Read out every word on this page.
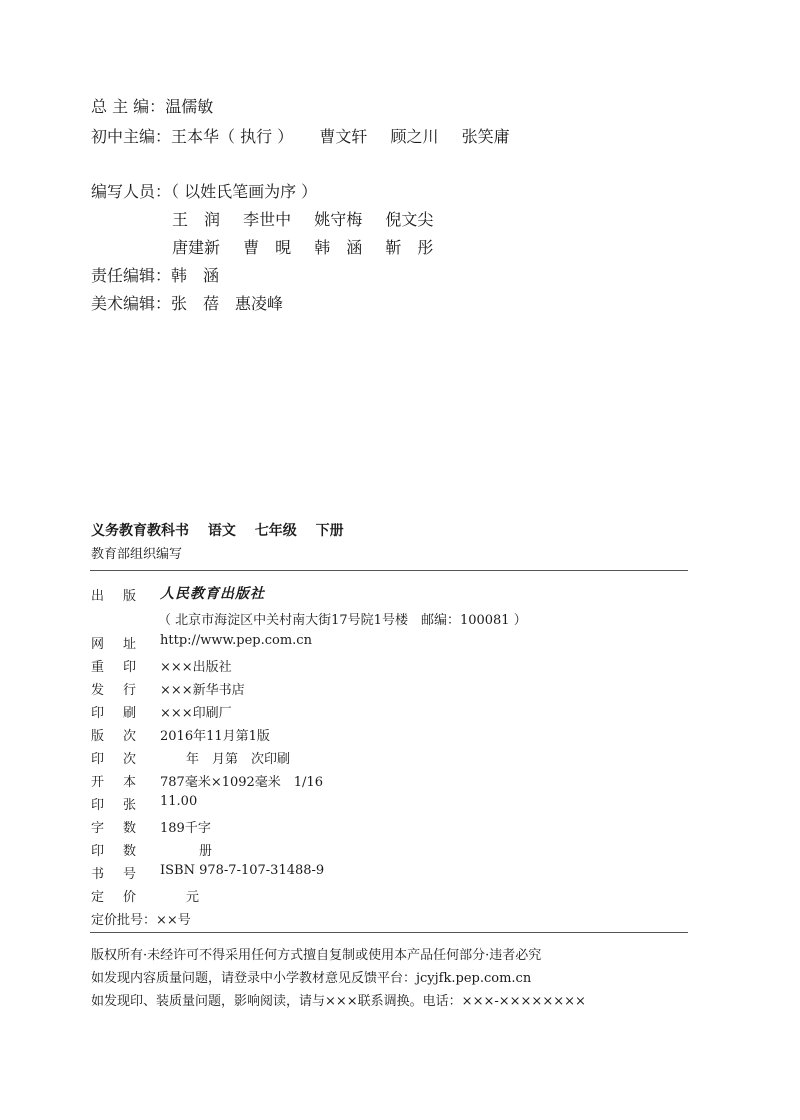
总 主 编：温儒敏
初中主编：王本华（ 执行 ） 曹文轩 顾之川 张笑庸
编写人员：（ 以姓氏笔画为序 ）
王　润 李世中 姚守梅 倪文尖
唐建新 曹　晛 韩　涵 靳　彤
责任编辑：韩　涵
美术编辑：张　蓓　惠凌峰
义务教育教科书 语文 七年级 下册
教育部组织编写
出 版 人民教育出版社
（ 北京市海淀区中关村南大街17号院1号楼　邮编：100081 ）
网 址 http://www.pep.com.cn
重 印 ×××出版社
发 行 ×××新华书店
印 刷 ×××印刷厂
版 次 2016年11月第1版
印 次 　　年　月第　次印刷
开 本 787毫米×1092毫米　1/16
印 张 11.00
字 数 189千字
印 数 　　　册
书 号 ISBN 978-7-107-31488-9
定 价 　　元
定价批号：××号
版权所有·未经许可不得采用任何方式擅自复制或使用本产品任何部分·违者必究
如发现内容质量问题，请登录中小学教材意见反馈平台：jcyjfk.pep.com.cn
如发现印、装质量问题，影响阅读，请与×××联系调换。电话：×××-××××××××
